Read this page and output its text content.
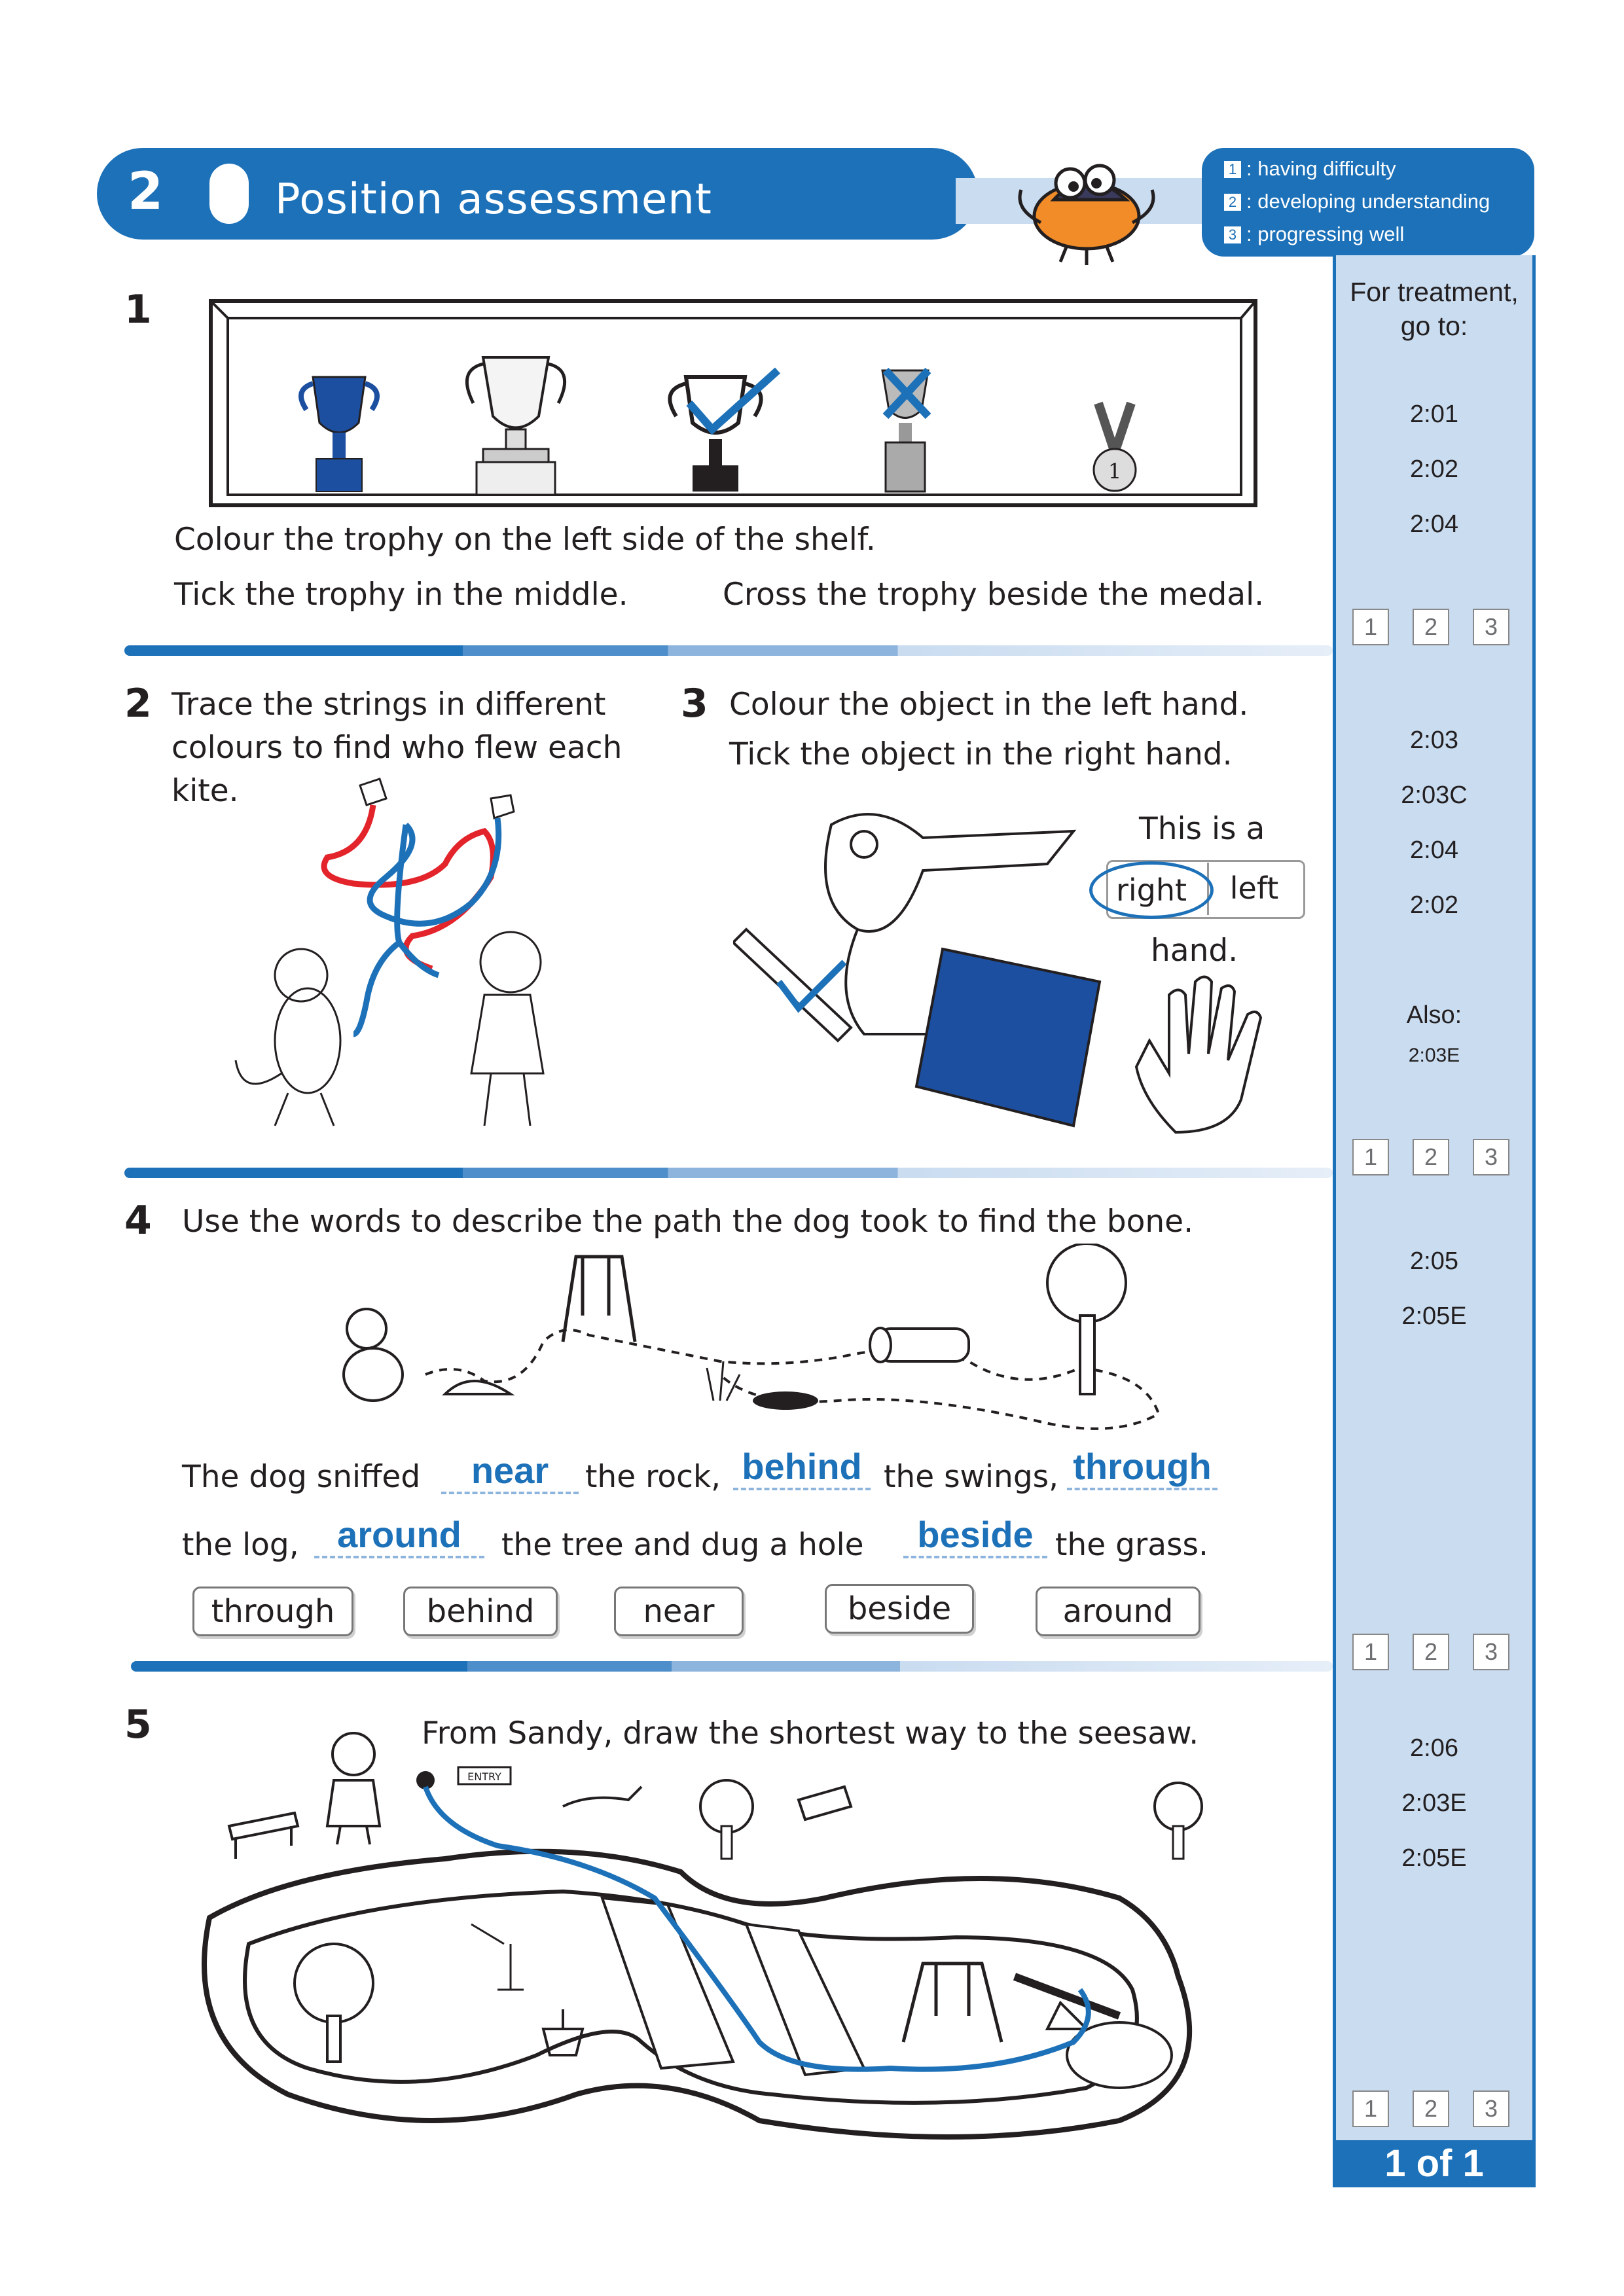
2	Position assessment
1 : having difficulty
2 : developing understanding
3 : progressing well
For treatment,
go to:
2:01
2:02
2:04
1	2	3
2:03
2:03C
2:04
2:02
Also:
2:03E
1	2	3
2:05
2:05E
1	2	3
2:06
2:03E
2:05E
1	2	3
1 of 1
1
1
Colour the trophy on the left side of the shelf.
Tick the trophy in the middle.	Cross the trophy beside the medal.
2 Trace the strings in different
colours to find who flew each
kite.
3 Colour the object in the left hand.
Tick the object in the right hand.
This is a
right	left
hand.
4 Use the words to describe the path the dog took to find the bone.
The dog sniffed	near	the rock, behind the swings, through
the log,	around	the tree and dug a hole	beside the grass.
through	behind	near	beside	around
5	From Sandy, draw the shortest way to the seesaw.
ENTRY
